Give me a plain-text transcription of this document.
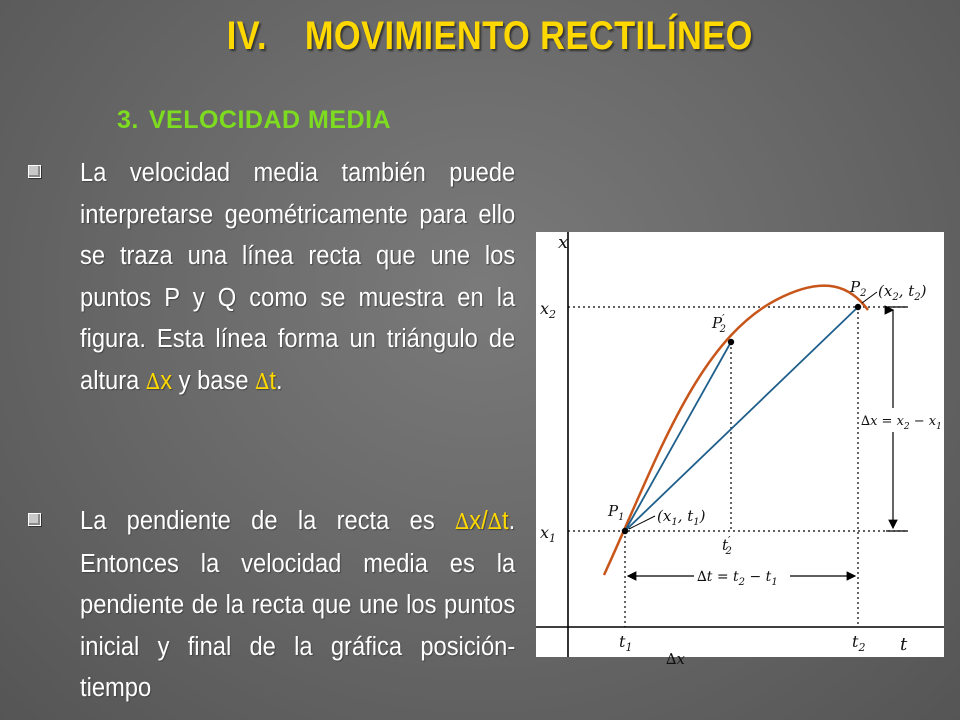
IV. MOVIMIENTO RECTILÍNEO
3. VELOCIDAD MEDIA

La velocidad media también puede interpretarse geométricamente para ello se traza una línea recta que une los puntos P y Q como se muestra en la figura. Esta línea forma un triángulo de altura ∆x y base ∆t.

La pendiente de la recta es ∆x/∆t. Entonces la velocidad media es la pendiente de la recta que une los puntos inicial y final de la gráfica posición-tiempo

x
t
$x_2$
$x_1$
$t_1$	$t_2$
t′ 2
$P_1$
$P_2$
P′ 2
($x_1$, $t_1$)
($x_2$, $t_2$)
$\Delta x = x_2 - x_1$
$\Delta t = t_2 - t_1$
∆x
